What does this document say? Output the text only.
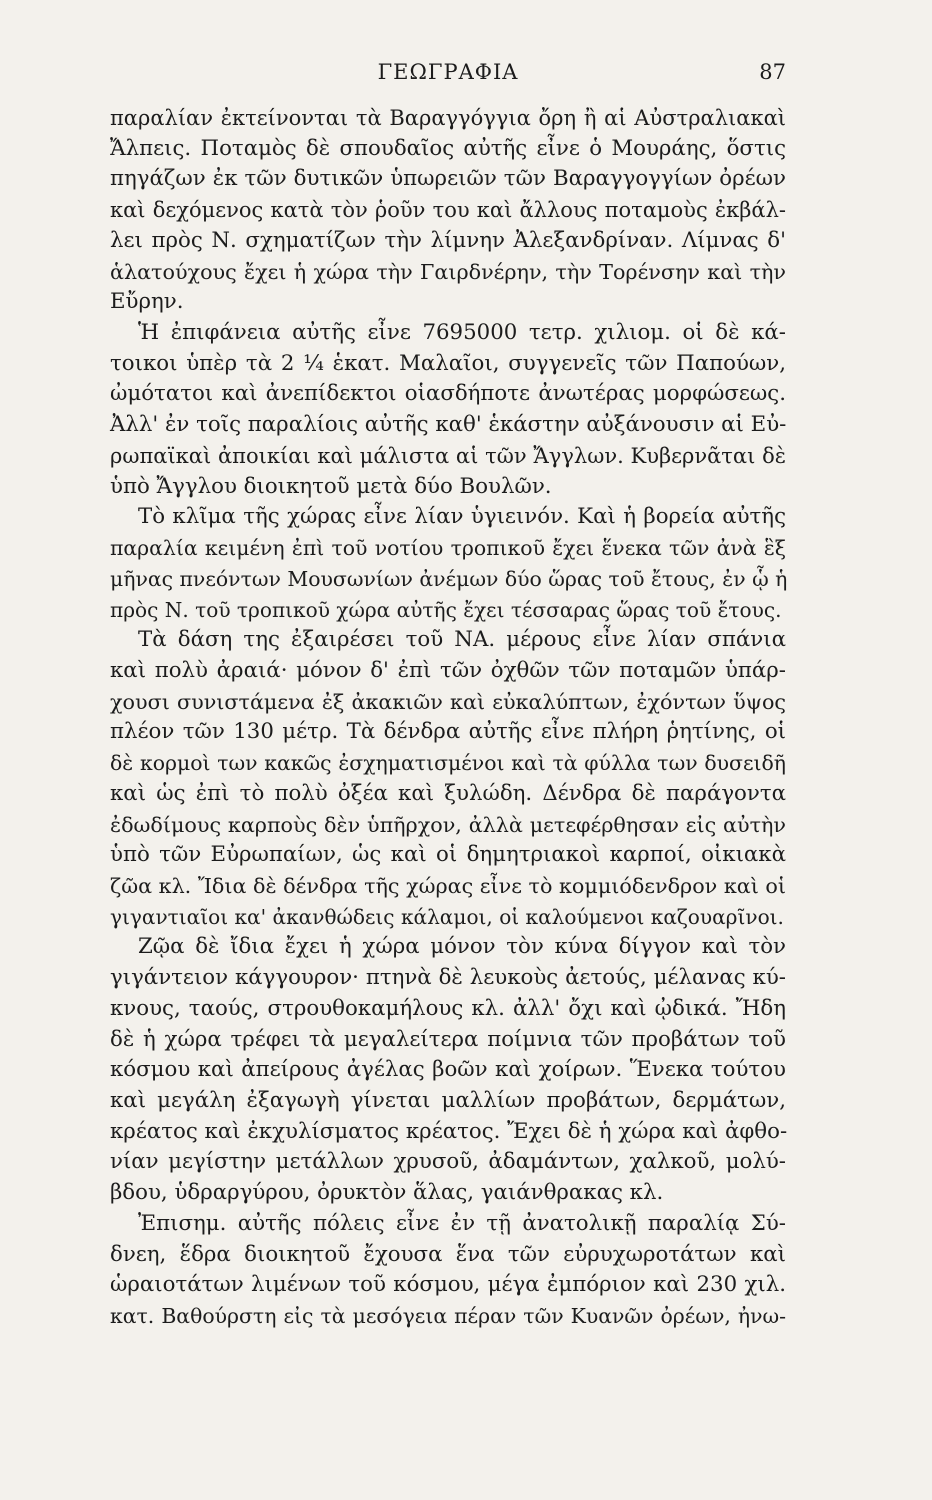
ΓΕΩΓΡΑΦΙΑ	87
παραλίαν ἐκτείνονται τὰ Βαραγγόγγια ὄρη ἢ αἱ Αὐστραλιακαὶ
Ἄλπεις. Ποταμὸς δὲ σπουδαῖος αὐτῆς εἶνε ὁ Μουράης, ὅστις
πηγάζων ἐκ τῶν δυτικῶν ὑπωρειῶν τῶν Βαραγγογγίων ὀρέων
καὶ δεχόμενος κατὰ τὸν ῥοῦν του καὶ ἄλλους ποταμοὺς ἐκβάλ-
λει πρὸς Ν. σχηματίζων τὴν λίμνην Ἀλεξανδρίναν. Λίμνας δ'
ἁλατούχους ἔχει ἡ χώρα τὴν Γαιρδνέρην, τὴν Τορένσην καὶ τὴν
Εὔρην.
Ἡ ἐπιφάνεια αὐτῆς εἶνε 7695000 τετρ. χιλιομ. οἱ δὲ κά-
τοικοι ὑπὲρ τὰ 2 ¼ ἑκατ. Μαλαῖοι, συγγενεῖς τῶν Παπούων,
ὠμότατοι καὶ ἀνεπίδεκτοι οἱασδήποτε ἀνωτέρας μορφώσεως.
Ἀλλ' ἐν τοῖς παραλίοις αὐτῆς καθ' ἑκάστην αὐξάνουσιν αἱ Εὐ-
ρωπαϊκαὶ ἀποικίαι καὶ μάλιστα αἱ τῶν Ἄγγλων. Κυβερνᾶται δὲ
ὑπὸ Ἄγγλου διοικητοῦ μετὰ δύο Βουλῶν.
Τὸ κλῖμα τῆς χώρας εἶνε λίαν ὑγιεινόν. Καὶ ἡ βορεία αὐτῆς
παραλία κειμένη ἐπὶ τοῦ νοτίου τροπικοῦ ἔχει ἕνεκα τῶν ἀνὰ ἓξ
μῆνας πνεόντων Μουσωνίων ἀνέμων δύο ὥρας τοῦ ἔτους, ἐν ᾧ ἡ
πρὸς Ν. τοῦ τροπικοῦ χώρα αὐτῆς ἔχει τέσσαρας ὥρας τοῦ ἔτους.
Τὰ δάση της ἐξαιρέσει τοῦ ΝΑ. μέρους εἶνε λίαν σπάνια
καὶ πολὺ ἀραιά· μόνον δ' ἐπὶ τῶν ὀχθῶν τῶν ποταμῶν ὑπάρ-
χουσι συνιστάμενα ἐξ ἀκακιῶν καὶ εὐκαλύπτων, ἐχόντων ὕψος
πλέον τῶν 130 μέτρ. Τὰ δένδρα αὐτῆς εἶνε πλήρη ῥητίνης, οἱ
δὲ κορμοὶ των κακῶς ἐσχηματισμένοι καὶ τὰ φύλλα των δυσειδῆ
καὶ ὡς ἐπὶ τὸ πολὺ ὀξέα καὶ ξυλώδη. Δένδρα δὲ παράγοντα
ἐδωδίμους καρποὺς δὲν ὑπῆρχον, ἀλλὰ μετεφέρθησαν εἰς αὐτὴν
ὑπὸ τῶν Εὐρωπαίων, ὡς καὶ οἱ δημητριακοὶ καρποί, οἰκιακὰ
ζῶα κλ. Ἴδια δὲ δένδρα τῆς χώρας εἶνε τὸ κομμιόδενδρον καὶ οἱ
γιγαντιαῖοι κα' ἀκανθώδεις κάλαμοι, οἱ καλούμενοι καζουαρῖνοι.
Ζῷα δὲ ἴδια ἔχει ἡ χώρα μόνον τὸν κύνα δίγγον καὶ τὸν
γιγάντειον κάγγουρον· πτηνὰ δὲ λευκοὺς ἀετούς, μέλανας κύ-
κνους, ταούς, στρουθοκαμήλους κλ. ἀλλ' ὄχι καὶ ᾠδικά. Ἤδη
δὲ ἡ χώρα τρέφει τὰ μεγαλείτερα ποίμνια τῶν προβάτων τοῦ
κόσμου καὶ ἀπείρους ἀγέλας βοῶν καὶ χοίρων. Ἕνεκα τούτου
καὶ μεγάλη ἐξαγωγὴ γίνεται μαλλίων προβάτων, δερμάτων,
κρέατος καὶ ἐκχυλίσματος κρέατος. Ἔχει δὲ ἡ χώρα καὶ ἀφθο-
νίαν μεγίστην μετάλλων χρυσοῦ, ἀδαμάντων, χαλκοῦ, μολύ-
βδου, ὑδραργύρου, ὀρυκτὸν ἅλας, γαιάνθρακας κλ.
Ἐπισημ. αὐτῆς πόλεις εἶνε ἐν τῇ ἀνατολικῇ παραλίᾳ Σύ-
δνεη, ἕδρα διοικητοῦ ἔχουσα ἕνα τῶν εὐρυχωροτάτων καὶ
ὡραιοτάτων λιμένων τοῦ κόσμου, μέγα ἐμπόριον καὶ 230 χιλ.
κατ. Βαθούρστη εἰς τὰ μεσόγεια πέραν τῶν Κυανῶν ὀρέων, ἠνω-
